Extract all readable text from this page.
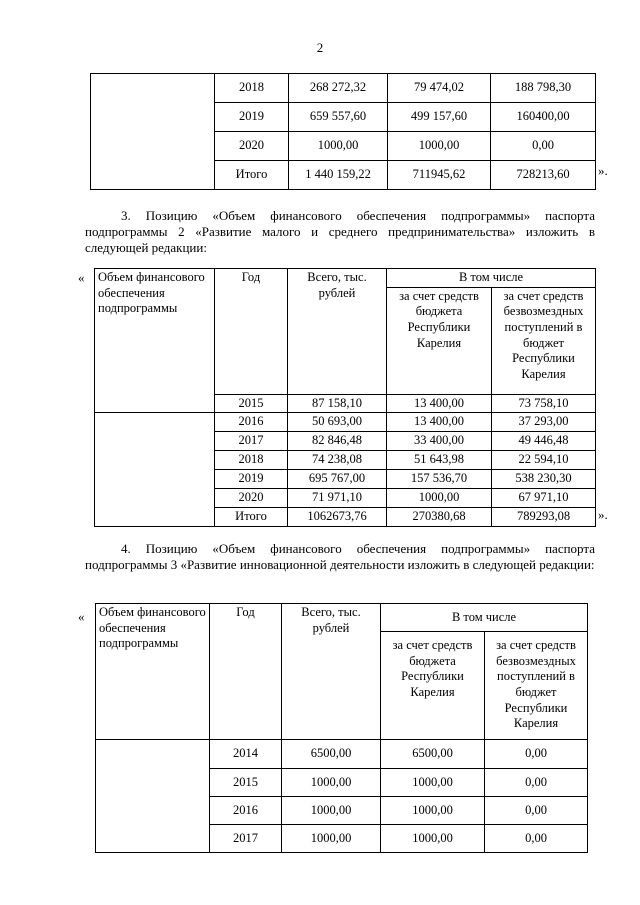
2
	2018	268 272,32	79 474,02	188 798,30
	2019	659 557,60	499 157,60	160400,00
	2020	1000,00	1000,00	0,00
	Итого	1 440 159,22	711945,62	728213,60 ».

3. Позицию «Объем финансового обеспечения подпрограммы» паспорта подпрограммы 2 «Развитие малого и среднего предпринимательства» изложить в следующей редакции:

« Объем финансового обеспечения подпрограммы	Год	Всего, тыс. рублей	В том числе	
			за счет средств бюджета Республики Карелия	за счет средств безвозмездных поступлений в бюджет Республики Карелия
	2015	87 158,10	13 400,00	73 758,10
	2016	50 693,00	13 400,00	37 293,00
	2017	82 846,48	33 400,00	49 446,48
	2018	74 238,08	51 643,98	22 594,10
	2019	695 767,00	157 536,70	538 230,30
	2020	71 971,10	1000,00	67 971,10
	Итого	1062673,76	270380,68	789293,08 ».

4. Позицию «Объем финансового обеспечения подпрограммы» паспорта подпрограммы 3 «Развитие инновационной деятельности изложить в следующей редакции:

« Объем финансового обеспечения подпрограммы	Год	Всего, тыс. рублей	В том числе	
			за счет средств бюджета Республики Карелия	за счет средств безвозмездных поступлений в бюджет Республики Карелия

	2014	6500,00	6500,00	0,00
	2015	1000,00	1000,00	0,00
	2016	1000,00	1000,00	0,00
	2017	1000,00	1000,00	0,00
